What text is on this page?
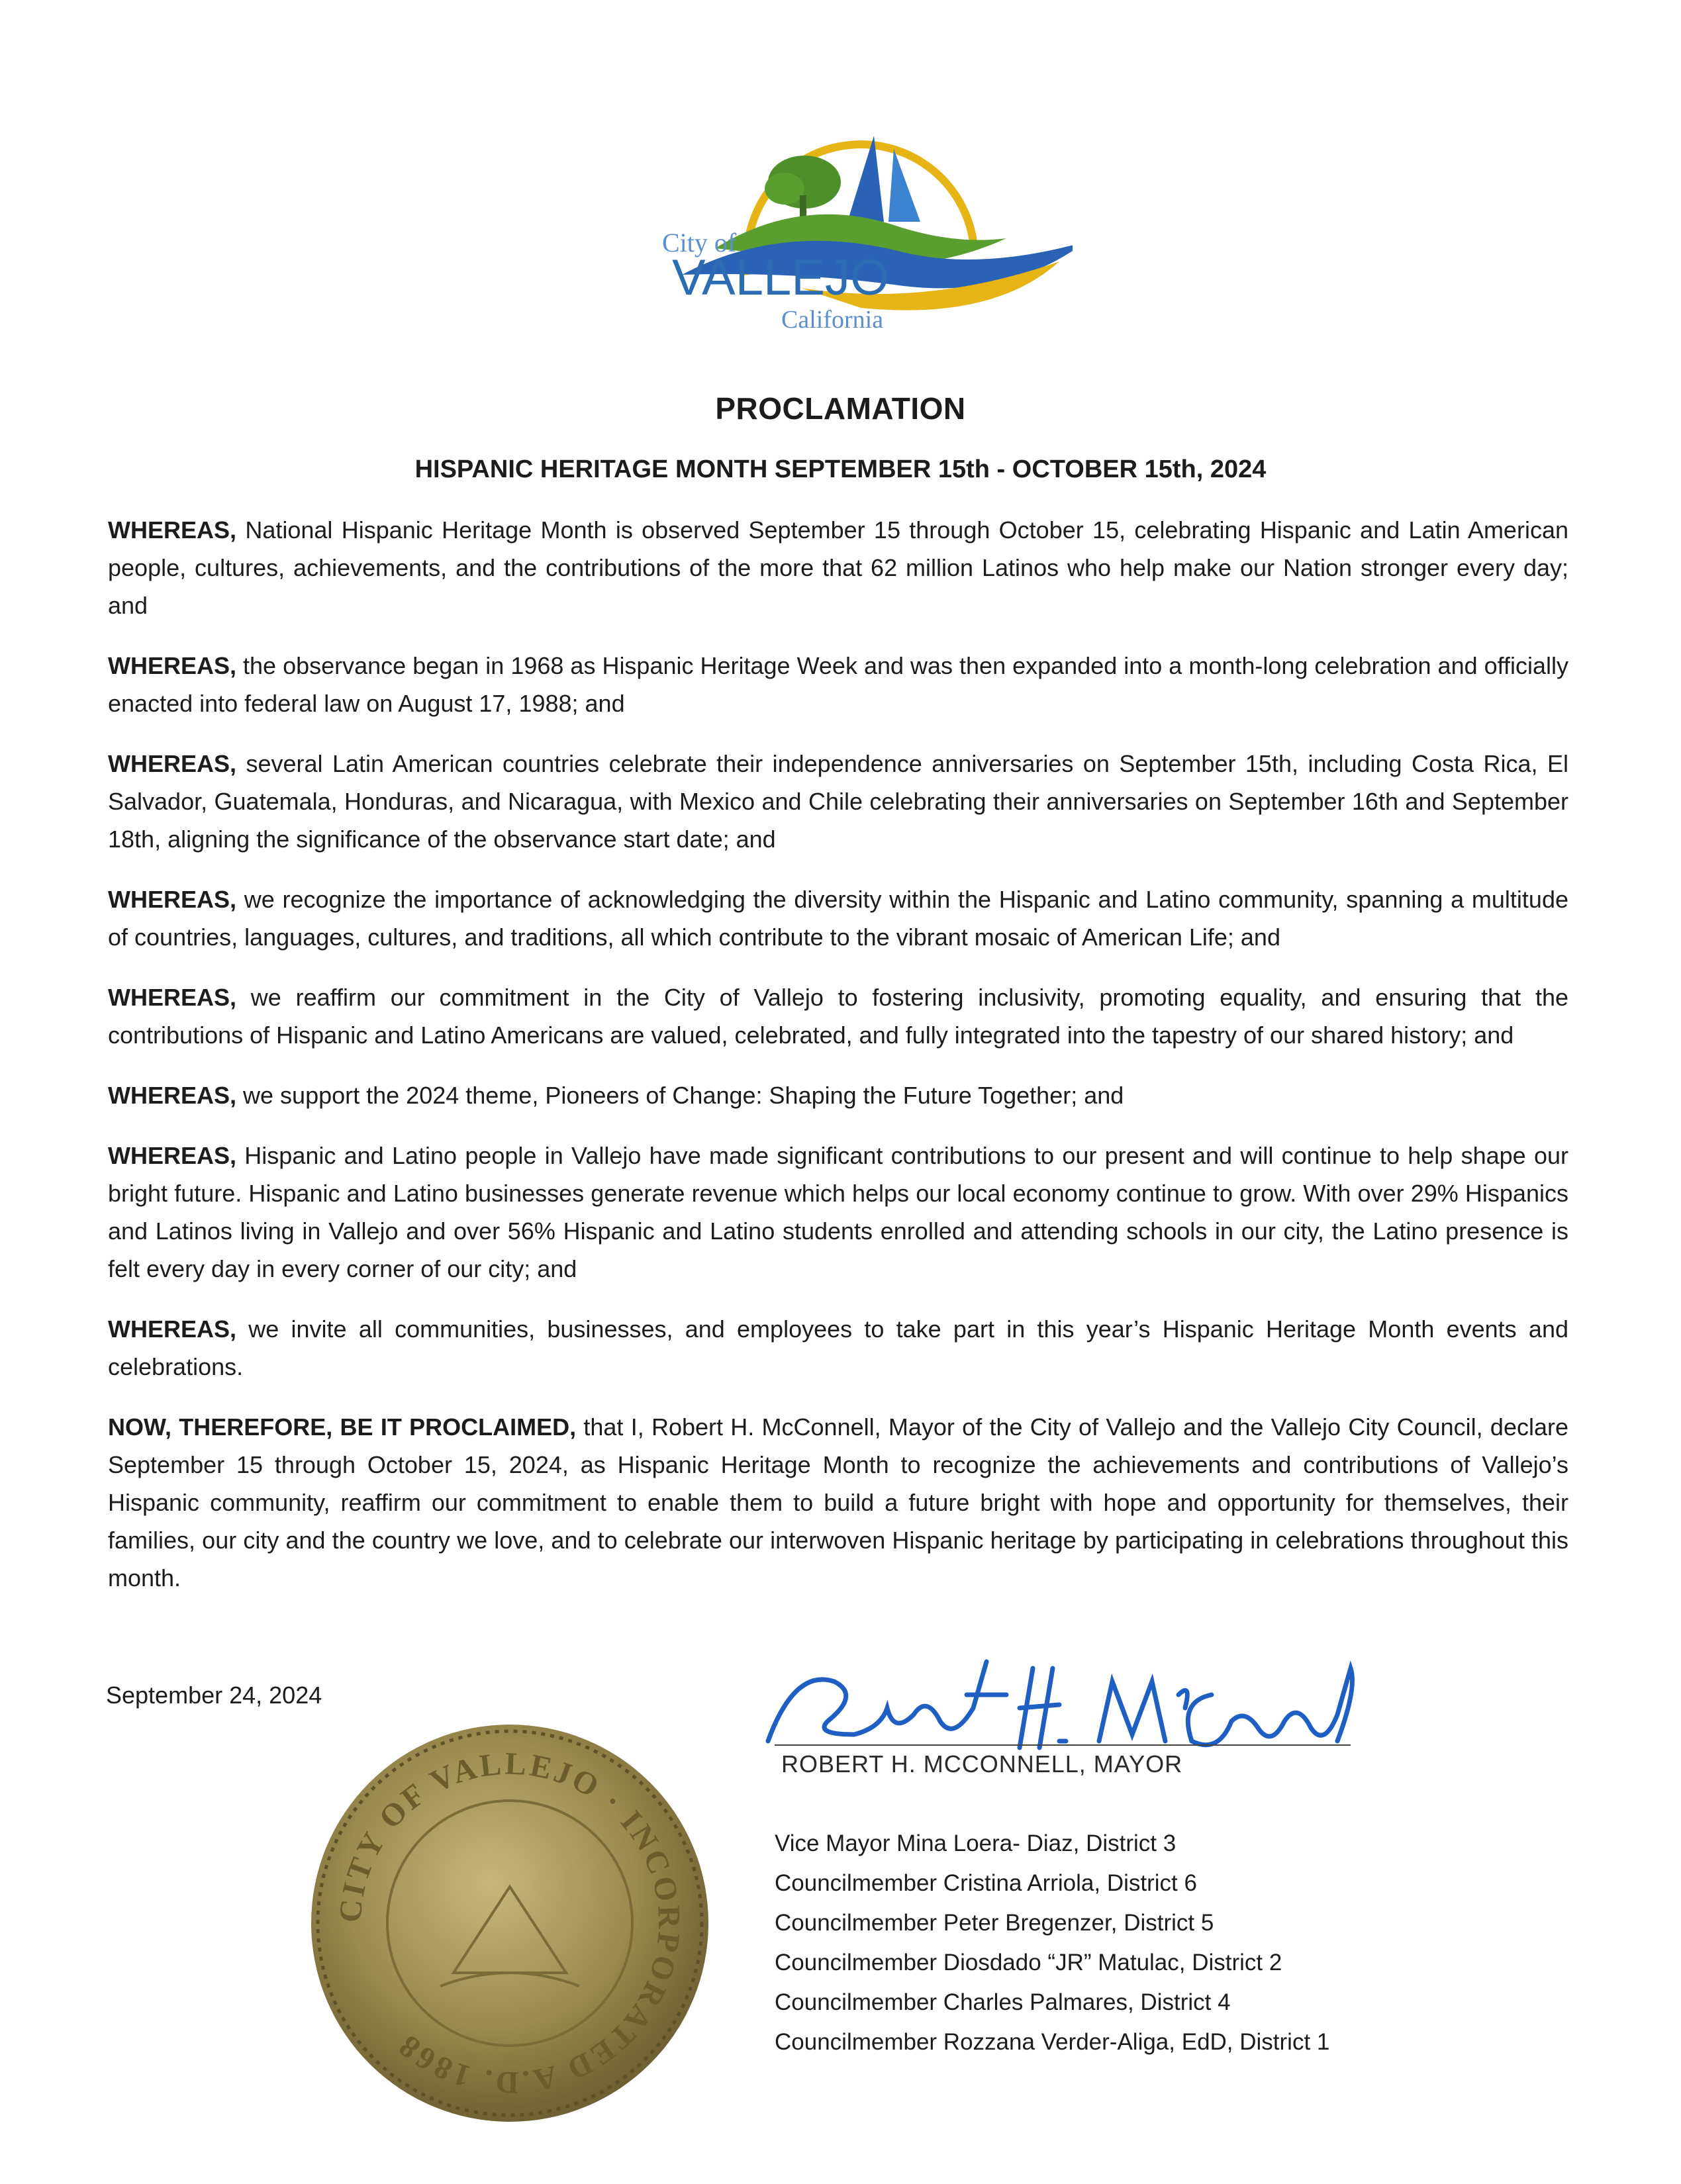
City of
VALLEJO
California
PROCLAMATION
HISPANIC HERITAGE MONTH SEPTEMBER 15th - OCTOBER 15th, 2024

WHEREAS, National Hispanic Heritage Month is observed September 15 through October 15, celebrating Hispanic and Latin American people, cultures, achievements, and the contributions of the more that 62 million Latinos who help make our Nation stronger every day; and

WHEREAS, the observance began in 1968 as Hispanic Heritage Week and was then expanded into a month-long celebration and officially enacted into federal law on August 17, 1988; and

WHEREAS, several Latin American countries celebrate their independence anniversaries on September 15th, including Costa Rica, El Salvador, Guatemala, Honduras, and Nicaragua, with Mexico and Chile celebrating their anniversaries on September 16th and September 18th, aligning the significance of the observance start date; and

WHEREAS, we recognize the importance of acknowledging the diversity within the Hispanic and Latino community, spanning a multitude of countries, languages, cultures, and traditions, all which contribute to the vibrant mosaic of American Life; and

WHEREAS, we reaffirm our commitment in the City of Vallejo to fostering inclusivity, promoting equality, and ensuring that the contributions of Hispanic and Latino Americans are valued, celebrated, and fully integrated into the tapestry of our shared history; and

WHEREAS, we support the 2024 theme, Pioneers of Change: Shaping the Future Together; and

WHEREAS, Hispanic and Latino people in Vallejo have made significant contributions to our present and will continue to help shape our bright future. Hispanic and Latino businesses generate revenue which helps our local economy continue to grow. With over 29% Hispanics and Latinos living in Vallejo and over 56% Hispanic and Latino students enrolled and attending schools in our city, the Latino presence is felt every day in every corner of our city; and

WHEREAS, we invite all communities, businesses, and employees to take part in this year’s Hispanic Heritage Month events and celebrations.

NOW, THEREFORE, BE IT PROCLAIMED, that I, Robert H. McConnell, Mayor of the City of Vallejo and the Vallejo City Council, declare September 15 through October 15, 2024, as Hispanic Heritage Month to recognize the achievements and contributions of Vallejo’s Hispanic community, reaffirm our commitment to enable them to build a future bright with hope and opportunity for themselves, their families, our city and the country we love, and to celebrate our interwoven Hispanic heritage by participating in celebrations throughout this month.

September 24, 2024
CITY OF VALLEJO · INCORPORATED A.D. 1868
ROBERT H. MCCONNELL, MAYOR
Vice Mayor Mina Loera- Diaz, District 3
Councilmember Cristina Arriola, District 6
Councilmember Peter Bregenzer, District 5
Councilmember Diosdado “JR” Matulac, District 2
Councilmember Charles Palmares, District 4
Councilmember Rozzana Verder-Aliga, EdD, District 1
